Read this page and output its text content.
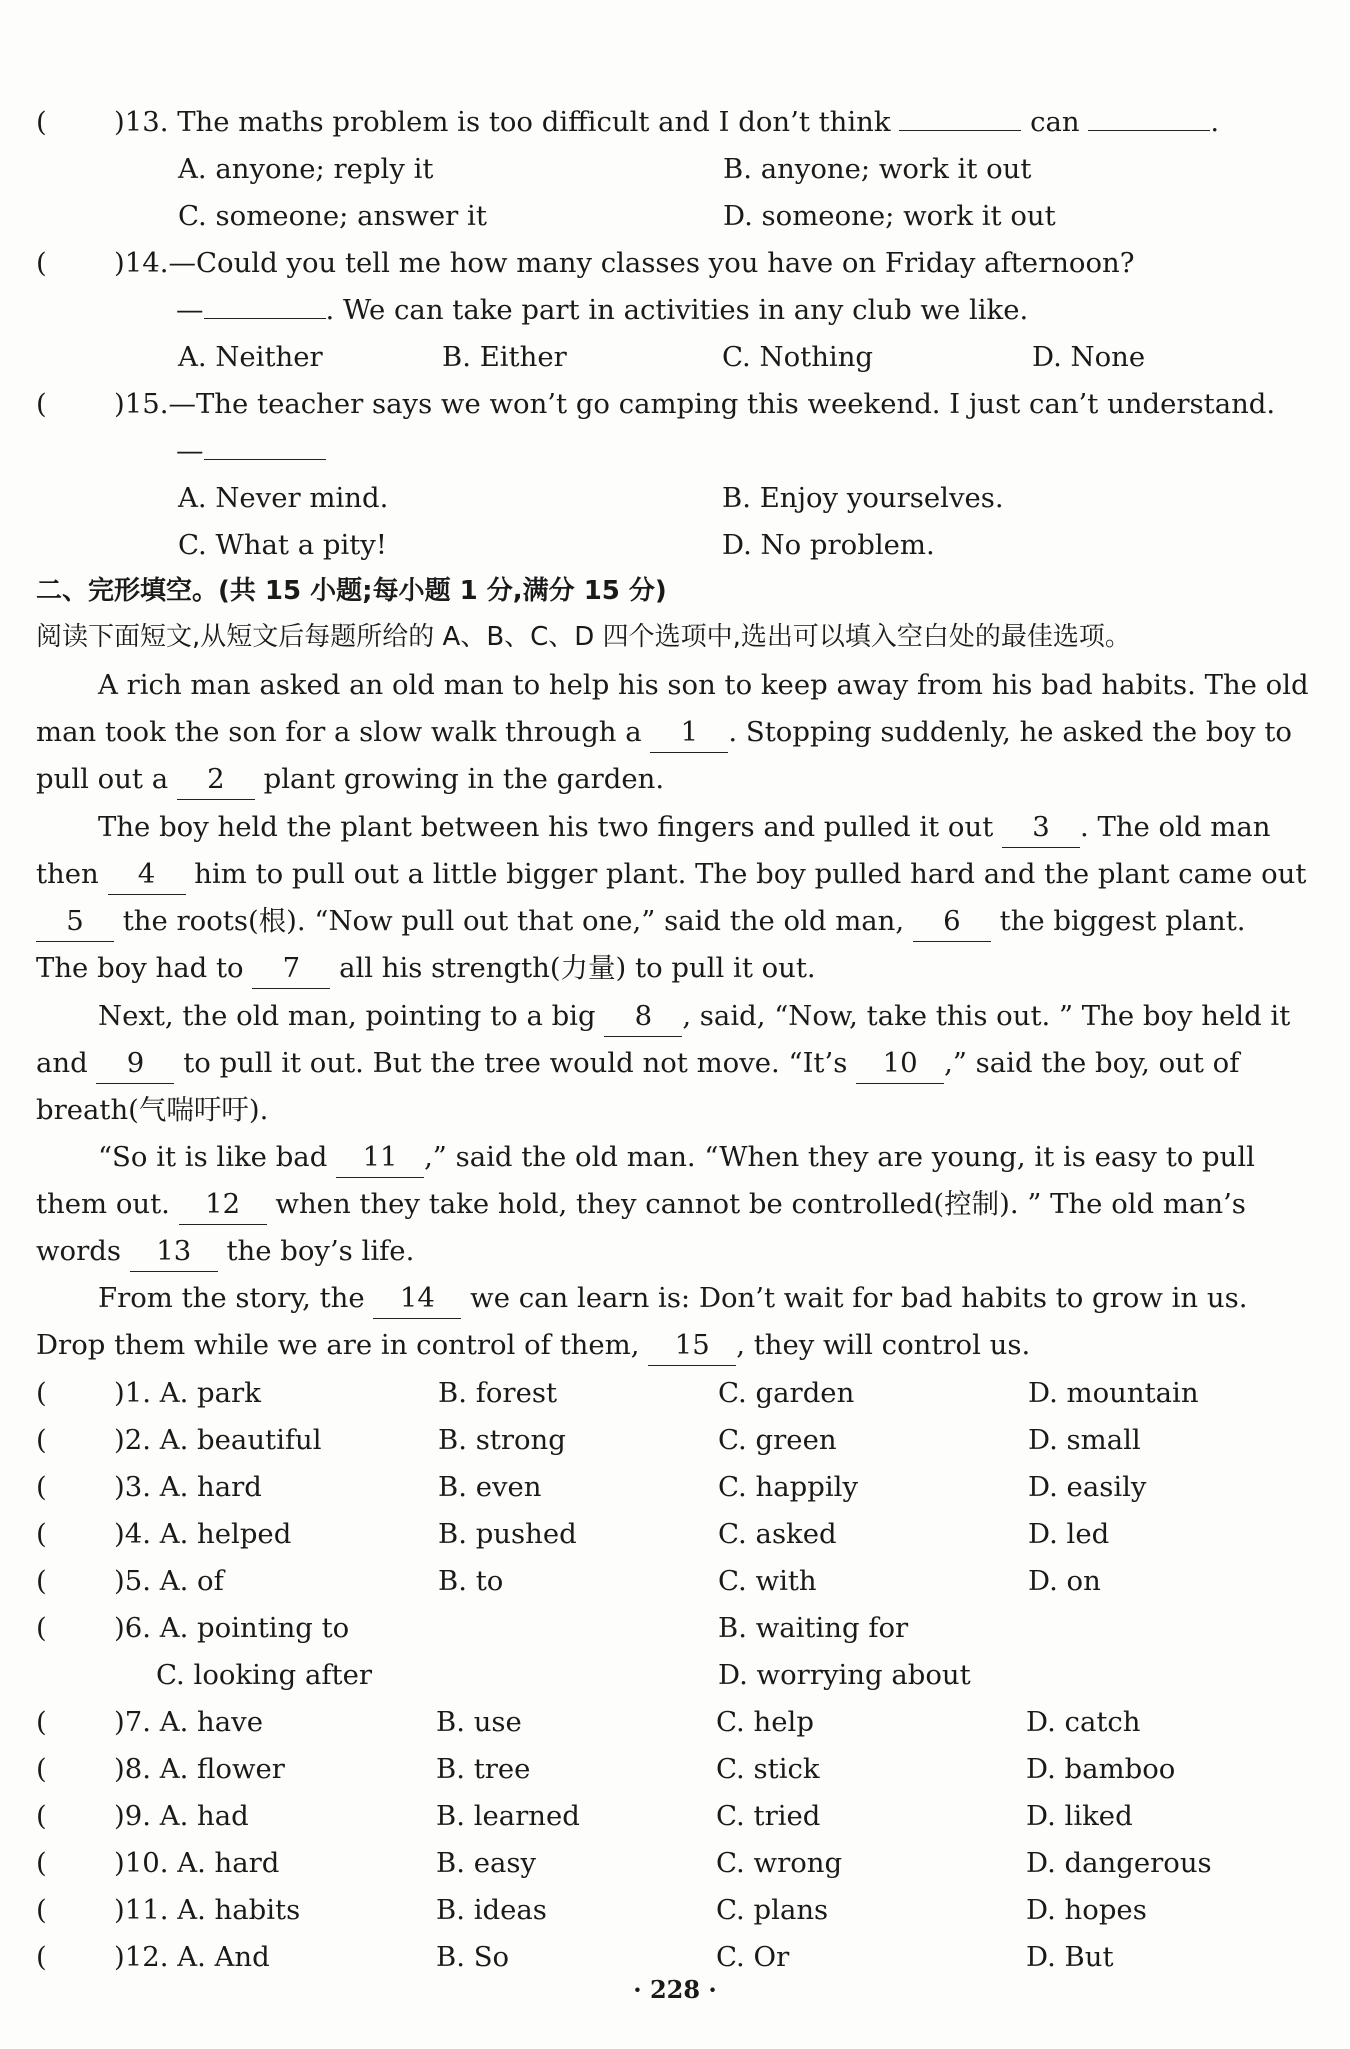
( )13. The maths problem is too difficult and I don’t think	can	.
A. anyone; reply it	B. anyone; work it out
C. someone; answer it	D. someone; work it out
( )14.—Could you tell me how many classes you have on Friday afternoon?
—	. We can take part in activities in any club we like.
A. Neither	B. Either	C. Nothing	D. None
( )15.—The teacher says we won’t go camping this weekend. I just can’t understand.
—
A. Never mind.	B. Enjoy yourselves.
C. What a pity!	D. No problem.
二、完形填空。(共 15 小题;每小题 1 分,满分 15 分)
阅读下面短文,从短文后每题所给的 A、B、C、D 四个选项中,选出可以填入空白处的最佳选项。
A rich man asked an old man to help his son to keep away from his bad habits. The old
man took the son for a slow walk through a 1 . Stopping suddenly, he asked the boy to
pull out a 2 plant growing in the garden.
The boy held the plant between his two fingers and pulled it out 3 . The old man
then 4 him to pull out a little bigger plant. The boy pulled hard and the plant came out
5 the roots(根). “Now pull out that one,” said the old man, 6 the biggest plant.
The boy had to 7 all his strength(力量) to pull it out.
Next, the old man, pointing to a big 8 , said, “Now, take this out. ” The boy held it
and 9 to pull it out. But the tree would not move. “It’s 10 ,” said the boy, out of
breath(气喘吁吁).
“So it is like bad 11 ,” said the old man. “When they are young, it is easy to pull
them out. 12 when they take hold, they cannot be controlled(控制). ” The old man’s
words 13 the boy’s life.
From the story, the 14 we can learn is: Don’t wait for bad habits to grow in us.
Drop them while we are in control of them, 15 , they will control us.
( )1. A. park	B. forest	C. garden	D. mountain
( )2. A. beautiful	B. strong	C. green	D. small
( )3. A. hard	B. even	C. happily	D. easily
( )4. A. helped	B. pushed	C. asked	D. led
( )5. A. of	B. to	C. with	D. on
( )6. A. pointing to	B. waiting for
C. looking after	D. worrying about
( )7. A. have	B. use	C. help	D. catch
( )8. A. flower	B. tree	C. stick	D. bamboo
( )9. A. had	B. learned	C. tried	D. liked
( )10. A. hard	B. easy	C. wrong	D. dangerous
( )11. A. habits	B. ideas	C. plans	D. hopes
( )12. A. And	B. So	C. Or	D. But
· 228 ·
